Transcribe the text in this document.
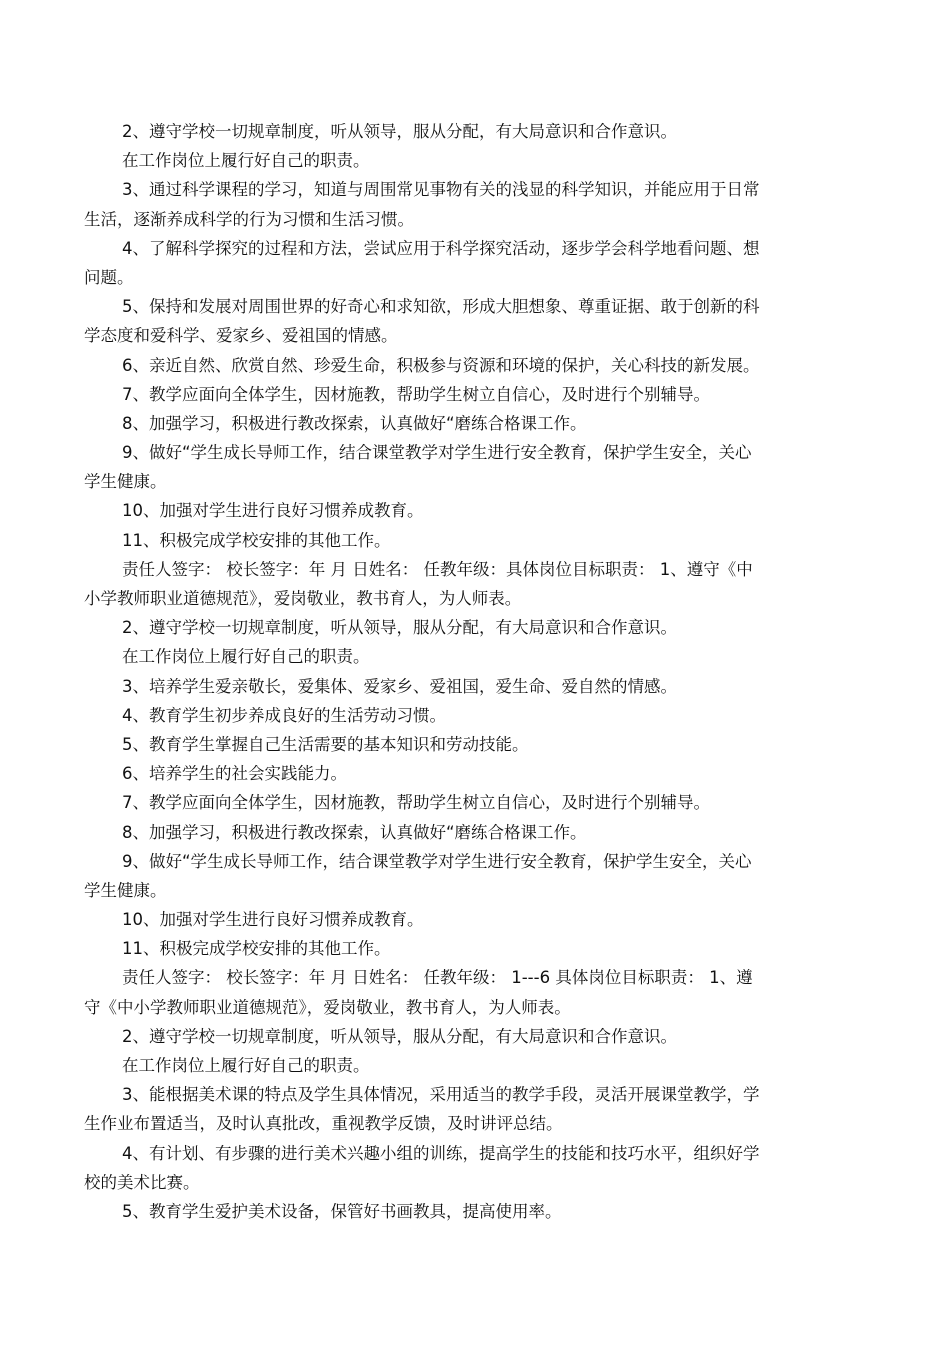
2、遵守学校一切规章制度，听从领导，服从分配，有大局意识和合作意识。
在工作岗位上履行好自己的职责。
3、通过科学课程的学习，知道与周围常见事物有关的浅显的科学知识，并能应用于日常
生活，逐渐养成科学的行为习惯和生活习惯。
4、了解科学探究的过程和方法，尝试应用于科学探究活动，逐步学会科学地看问题、想
问题。
5、保持和发展对周围世界的好奇心和求知欲，形成大胆想象、尊重证据、敢于创新的科
学态度和爱科学、爱家乡、爱祖国的情感。
6、亲近自然、欣赏自然、珍爱生命，积极参与资源和环境的保护，关心科技的新发展。
7、教学应面向全体学生，因材施教，帮助学生树立自信心，及时进行个别辅导。
8、加强学习，积极进行教改探索，认真做好“磨练合格课工作。
9、做好“学生成长导师工作，结合课堂教学对学生进行安全教育，保护学生安全，关心
学生健康。
10、加强对学生进行良好习惯养成教育。
11、积极完成学校安排的其他工作。
责任人签字： 校长签字：年 月 日姓名： 任教年级：具体岗位目标职责： 1、遵守《中
小学教师职业道德规范》，爱岗敬业，教书育人，为人师表。
2、遵守学校一切规章制度，听从领导，服从分配，有大局意识和合作意识。
在工作岗位上履行好自己的职责。
3、培养学生爱亲敬长，爱集体、爱家乡、爱祖国，爱生命、爱自然的情感。
4、教育学生初步养成良好的生活劳动习惯。
5、教育学生掌握自己生活需要的基本知识和劳动技能。
6、培养学生的社会实践能力。
7、教学应面向全体学生，因材施教，帮助学生树立自信心，及时进行个别辅导。
8、加强学习，积极进行教改探索，认真做好“磨练合格课工作。
9、做好“学生成长导师工作，结合课堂教学对学生进行安全教育，保护学生安全，关心
学生健康。
10、加强对学生进行良好习惯养成教育。
11、积极完成学校安排的其他工作。
责任人签字： 校长签字：年 月 日姓名： 任教年级： 1---6 具体岗位目标职责： 1、遵
守《中小学教师职业道德规范》，爱岗敬业，教书育人，为人师表。
2、遵守学校一切规章制度，听从领导，服从分配，有大局意识和合作意识。
在工作岗位上履行好自己的职责。
3、能根据美术课的特点及学生具体情况，采用适当的教学手段，灵活开展课堂教学，学
生作业布置适当，及时认真批改，重视教学反馈，及时讲评总结。
4、有计划、有步骤的进行美术兴趣小组的训练，提高学生的技能和技巧水平，组织好学
校的美术比赛。
5、教育学生爱护美术设备，保管好书画教具，提高使用率。
